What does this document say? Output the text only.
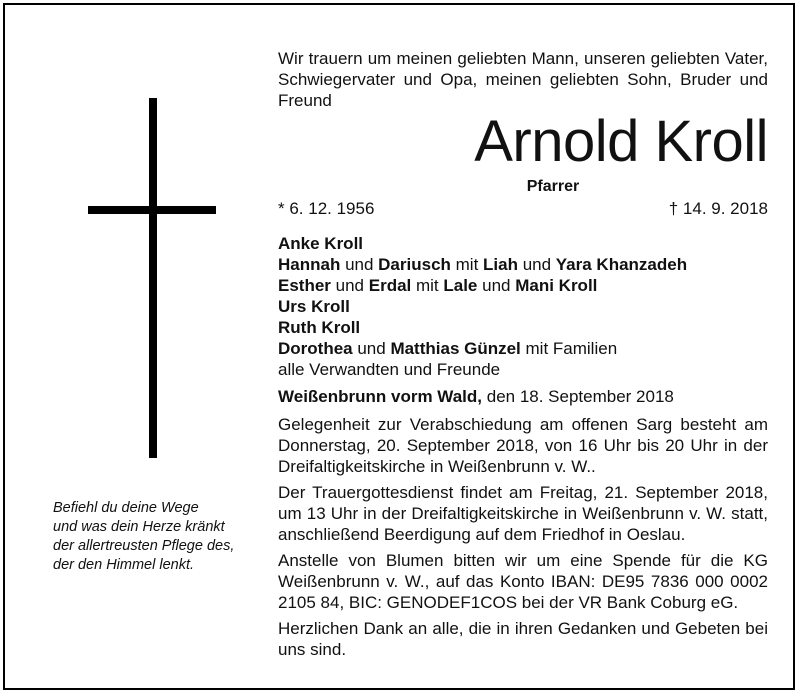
Befiehl du deine Wege
und was dein Herze kränkt
der allertreusten Pflege des,
der den Himmel lenkt.
Wir trauern um meinen geliebten Mann, unseren geliebten Vater, Schwiegervater und Opa, meinen geliebten Sohn, Bruder und Freund
Arnold Kroll
Pfarrer
* 6. 12. 1956	† 14. 9. 2018
Anke Kroll
Hannah und Dariusch mit Liah und Yara Khanzadeh
Esther und Erdal mit Lale und Mani Kroll
Urs Kroll
Ruth Kroll
Dorothea und Matthias Günzel mit Familien
alle Verwandten und Freunde
Weißenbrunn vorm Wald, den 18. September 2018

Gelegenheit zur Verabschiedung am offenen Sarg besteht am Donnerstag, 20. September 2018, von 16 Uhr bis 20 Uhr in der Dreifaltigkeitskirche in Weißenbrunn v. W..

Der Trauergottesdienst findet am Freitag, 21. September 2018, um 13 Uhr in der Dreifaltigkeitskirche in Weißenbrunn v. W. statt, anschließend Beerdigung auf dem Friedhof in Oeslau.

Anstelle von Blumen bitten wir um eine Spende für die KG Weißenbrunn v. W., auf das Konto IBAN: DE95 7836 000 0002 2105 84, BIC: GENODEF1COS bei der VR Bank Coburg eG.

Herzlichen Dank an alle, die in ihren Gedanken und Gebeten bei uns sind.
